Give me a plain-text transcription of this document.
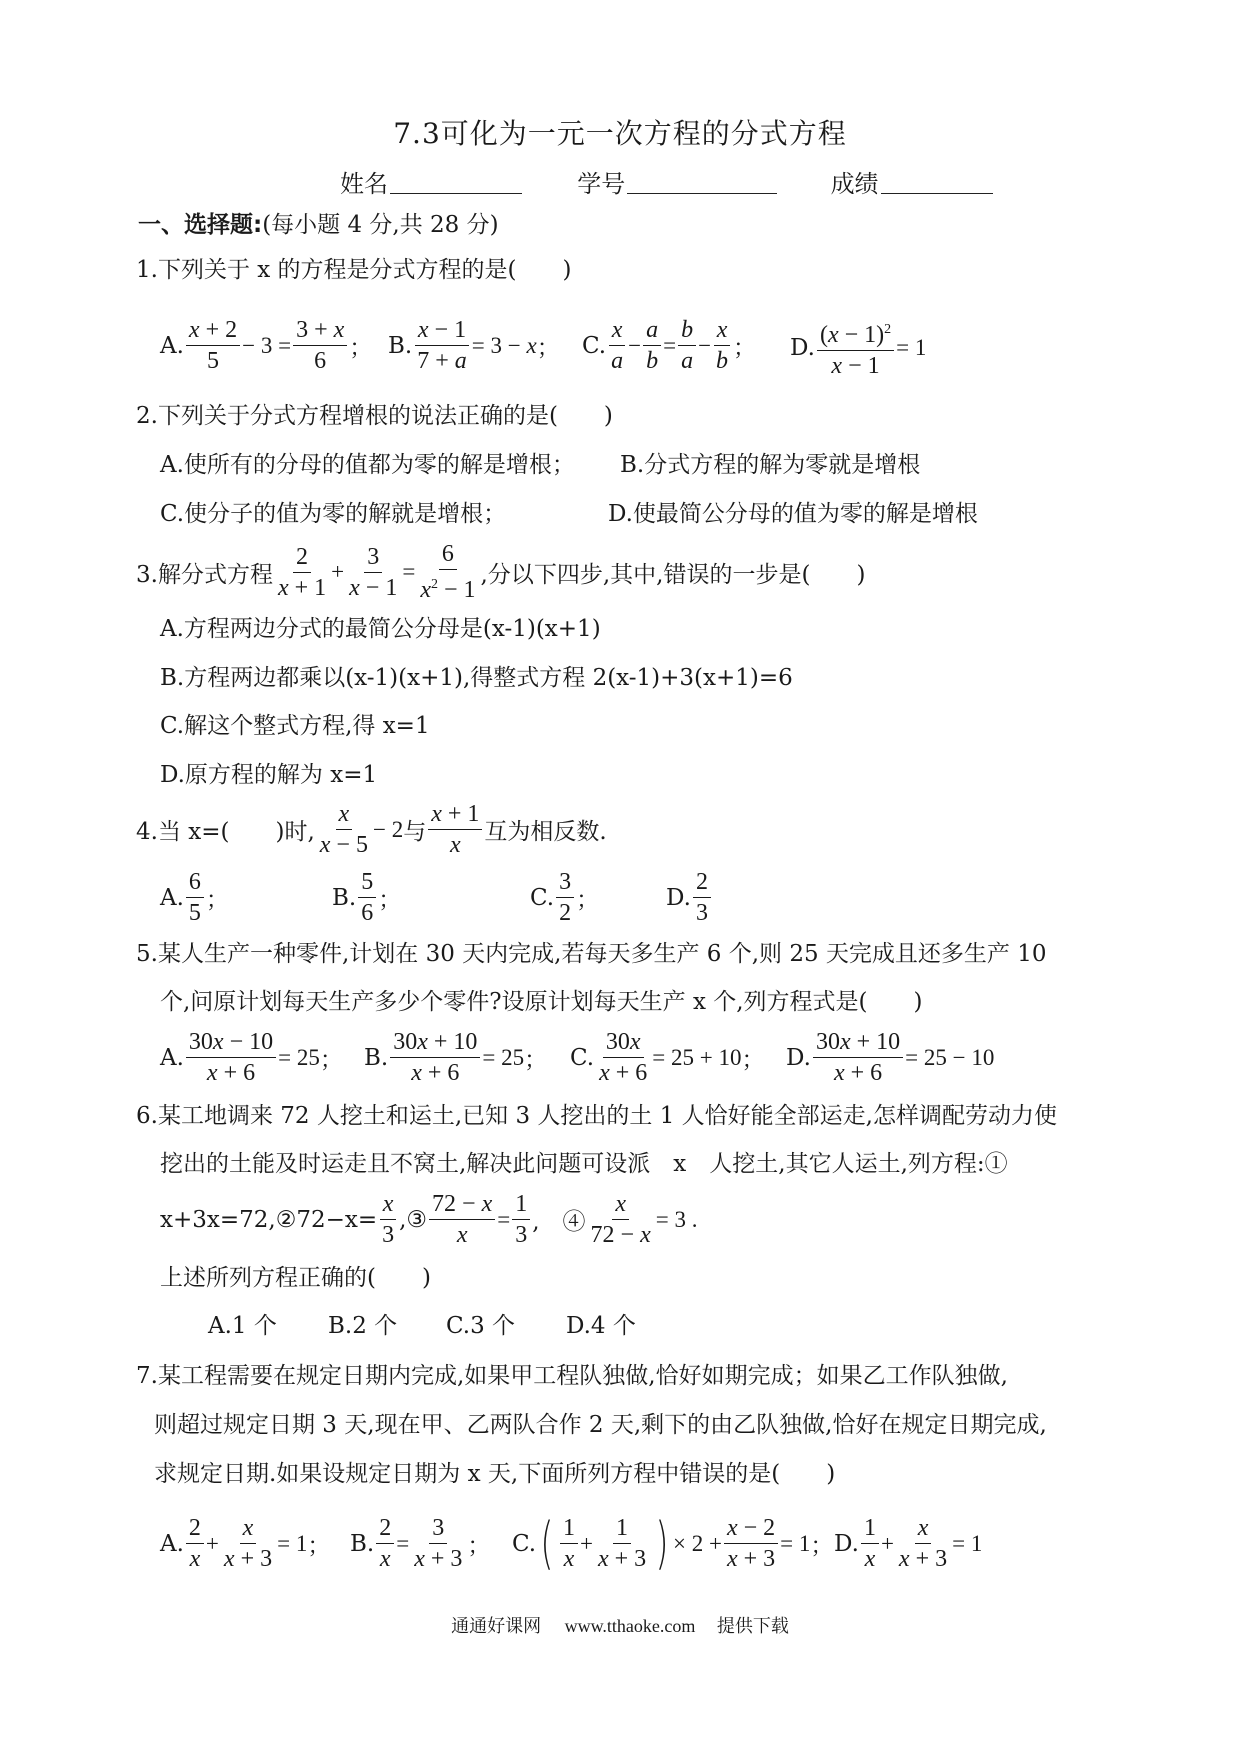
7.3可化为一元一次方程的分式方程
姓名	学号	成绩
一、选择题:(每小题 4 分,共 28 分)
1.下列关于 x 的方程是分式方程的是(　　)
A. $\frac{x + 2}{5} - 3 = \frac{3 + x}{6}$ ； B. $\frac{x - 1}{7 + a} = 3 - x$ ； C. $\frac{x}{a} - \frac{a}{b} = \frac{b}{a} - \frac{x}{b}$ ； D. $\frac{(x - 1)^2}{x - 1} = 1$
2.下列关于分式方程增根的说法正确的是(　　)
A.使所有的分母的值都为零的解是增根； B.分式方程的解为零就是增根
C.使分子的值为零的解就是增根；	D.使最简公分母的值为零的解是增根
3.解分式方程 $\frac{2}{x + 1} + \frac{3}{x - 1} = \frac{6}{x^2 - 1}$ ,分以下四步,其中,错误的一步是(　　)
A.方程两边分式的最简公分母是(x-1)(x+1)
B.方程两边都乘以(x-1)(x+1),得整式方程 2(x-1)+3(x+1)=6
C.解这个整式方程,得 x=1
D.原方程的解为 x=1
4.当 x=(　　)时, $\frac{x}{x - 5} - 2$ 与 $\frac{x + 1}{x}$ 互为相反数.
A. $\frac{6}{5}$ ；	B. $\frac{5}{6}$ ；	C. $\frac{3}{2}$ ；	D. $\frac{2}{3}$
5.某人生产一种零件,计划在 30 天内完成,若每天多生产 6 个,则 25 天完成且还多生产 10
个,问原计划每天生产多少个零件?设原计划每天生产 x 个,列方程式是(　　)
A. $\frac{30x - 10}{x + 6} = 25$ ； B. $\frac{30x + 10}{x + 6} = 25$ ； C. $\frac{30x}{x + 6} = 25 + 10$ ； D. $\frac{30x + 10}{x + 6} = 25 - 10$
6.某工地调来 72 人挖土和运土,已知 3 人挖出的土 1 人恰好能全部运走,怎样调配劳动力使
挖出的土能及时运走且不窝土,解决此问题可设派　x　人挖土,其它人运土,列方程:①
x+3x=72,②72−x= $\frac{x}{3}$ ,③ $\frac{72 - x}{x} = \frac{1}{3}$ ,　④ $\frac{x}{72 - x} = 3$ .
上述所列方程正确的(　　)
A.1 个 B.2 个 C.3 个 D.4 个
7.某工程需要在规定日期内完成,如果甲工程队独做,恰好如期完成；如果乙工作队独做,
则超过规定日期 3 天,现在甲、乙两队合作 2 天,剩下的由乙队独做,恰好在规定日期完成,
求规定日期.如果设规定日期为 x 天,下面所列方程中错误的是(　　)
A. $\frac{2}{x} + \frac{x}{x + 3} = 1$ ； B. $\frac{2}{x} = \frac{3}{x + 3}$ ； C. ( $\frac{1}{x} + \frac{1}{x + 3}$ ) × $2 + \frac{x - 2}{x + 3} = 1$ ； D. $\frac{1}{x} + \frac{x}{x + 3} = 1$
通通好课网 www.tthaoke.com 提供下载
